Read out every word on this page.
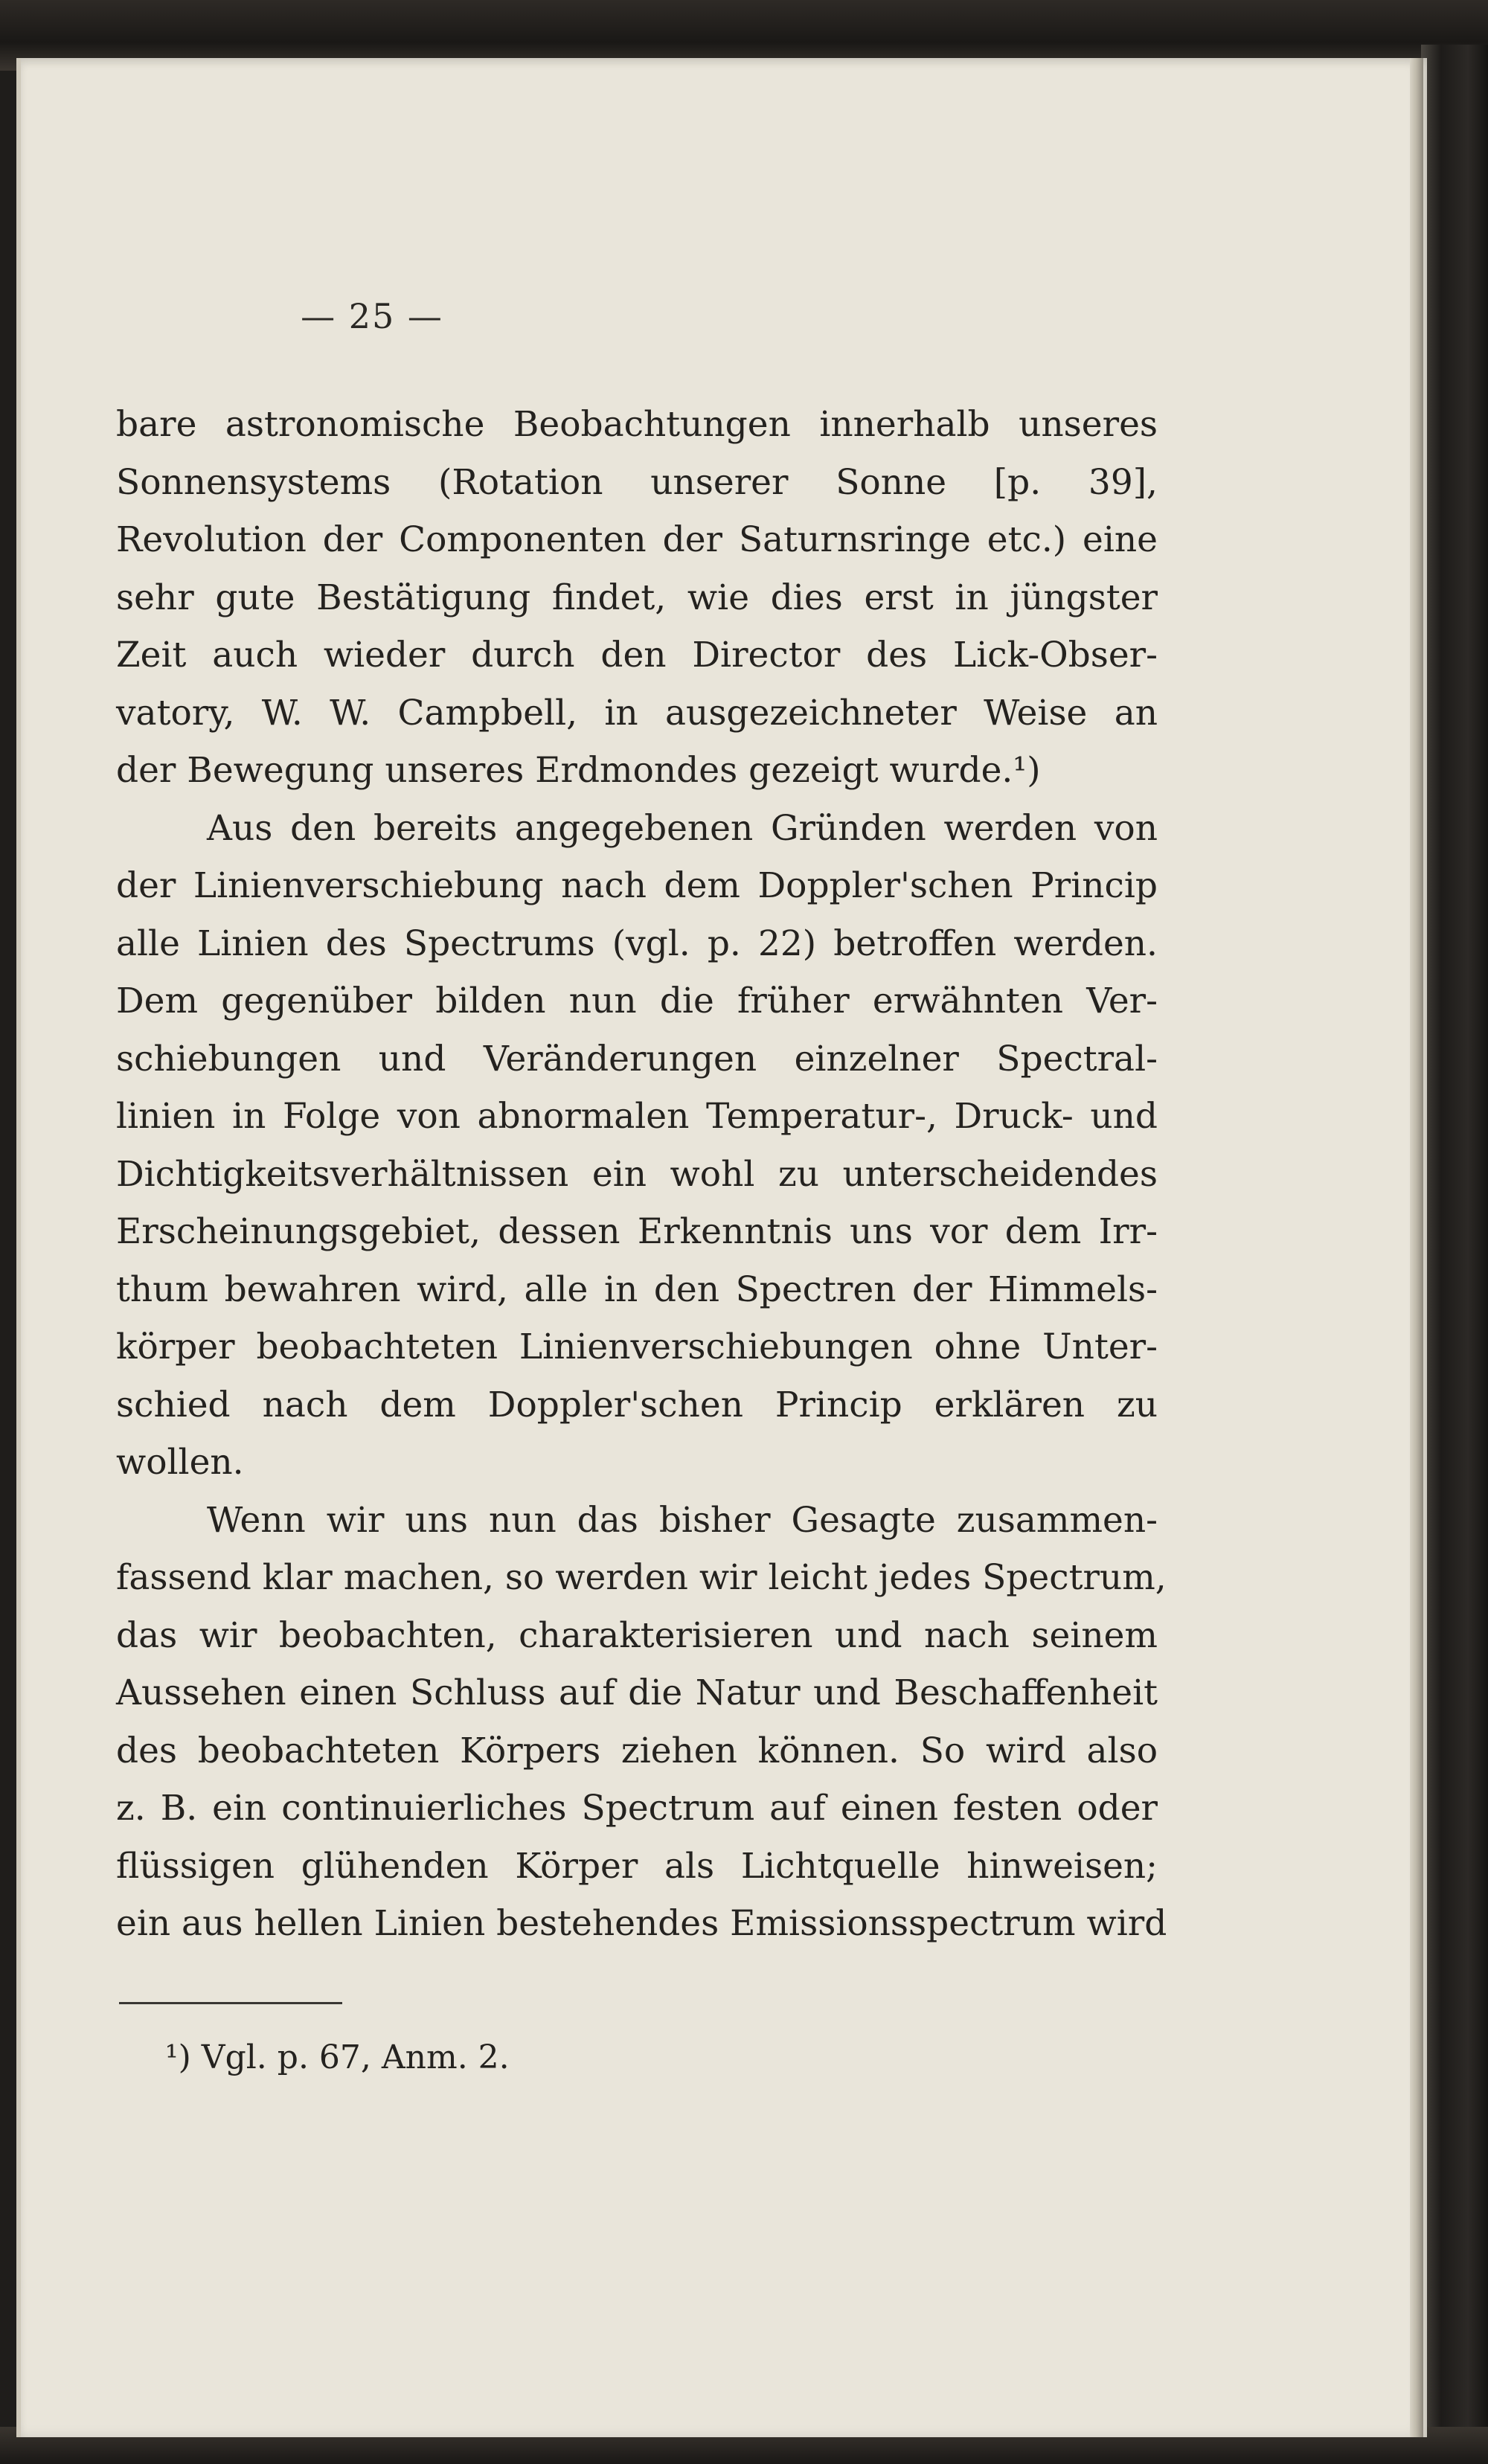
— 25 —
bare astronomische Beobachtungen innerhalb unseres
Sonnensystems (Rotation unserer Sonne [p. 39],
Revolution der Componenten der Saturnsringe etc.) eine
sehr gute Bestätigung findet, wie dies erst in jüngster
Zeit auch wieder durch den Director des Lick-Obser-
vatory, W. W. Campbell, in ausgezeichneter Weise an
der Bewegung unseres Erdmondes gezeigt wurde.¹)
Aus den bereits angegebenen Gründen werden von
der Linienverschiebung nach dem Doppler'schen Princip
alle Linien des Spectrums (vgl. p. 22) betroffen werden.
Dem gegenüber bilden nun die früher erwähnten Ver-
schiebungen und Veränderungen einzelner Spectral-
linien in Folge von abnormalen Temperatur-, Druck- und
Dichtigkeitsverhältnissen ein wohl zu unterscheidendes
Erscheinungsgebiet, dessen Erkenntnis uns vor dem Irr-
thum bewahren wird, alle in den Spectren der Himmels-
körper beobachteten Linienverschiebungen ohne Unter-
schied nach dem Doppler'schen Princip erklären zu
wollen.
Wenn wir uns nun das bisher Gesagte zusammen-
fassend klar machen, so werden wir leicht jedes Spectrum,
das wir beobachten, charakterisieren und nach seinem
Aussehen einen Schluss auf die Natur und Beschaffenheit
des beobachteten Körpers ziehen können. So wird also
z. B. ein continuierliches Spectrum auf einen festen oder
flüssigen glühenden Körper als Lichtquelle hinweisen;
ein aus hellen Linien bestehendes Emissionsspectrum wird
¹) Vgl. p. 67, Anm. 2.
